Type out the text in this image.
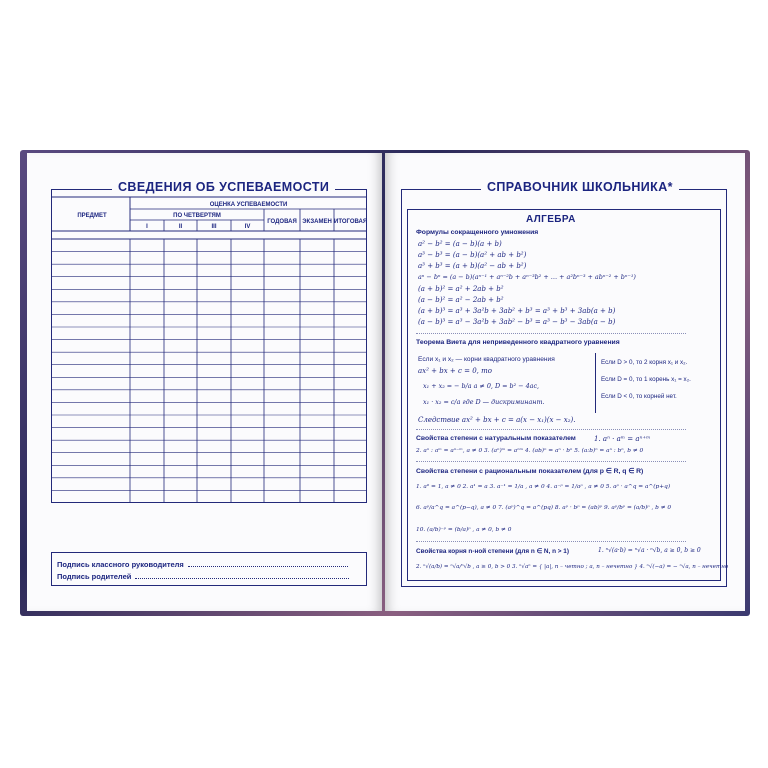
СВЕДЕНИЯ ОБ УСПЕВАЕМОСТИ
ПРЕДМЕТ
ОЦЕНКА УСПЕВАЕМОСТИ
ПО ЧЕТВЕРТЯМ
I	II	III	IV
ГОДОВАЯ ЭКЗАМЕН ИТОГОВАЯ
Подпись классного руководителя
Подпись родителей
СПРАВОЧНИК ШКОЛЬНИКА*
АЛГЕБРА
Формулы сокращенного умножения
a² − b² = (a − b)(a + b)
a³ − b³ = (a − b)(a² + ab + b²)
a³ + b³ = (a + b)(a² − ab + b²)
aⁿ − bⁿ = (a − b)(aⁿ⁻¹ + aⁿ⁻²b + aⁿ⁻³b² + … + a²bⁿ⁻³ + abⁿ⁻² + bⁿ⁻¹)
(a + b)² = a² + 2ab + b²
(a − b)² = a² − 2ab + b²
(a + b)³ = a³ + 3a²b + 3ab² + b³ = a³ + b³ + 3ab(a + b)
(a − b)³ = a³ − 3a²b + 3ab² − b³ = a³ − b³ − 3ab(a − b)
Теорема Виета для неприведенного квадратного уравнения
Если x₁ и x₂ — корни квадратного уравнения
ax² + bx + c = 0, то
x₁ + x₂ = − b/a a ≠ 0, D = b² − 4ac,
x₁ · x₂ = c/a где D — дискриминант.
Следствие ax² + bx + c = a(x − x₁)(x − x₂).
Если D > 0, то 2 корня x₁ и x₂.
Если D = 0, то 1 корень x₁ = x₂.
Если D < 0, то корней нет.
Свойства степени с натуральным показателем	1. aⁿ · aᵐ = aⁿ⁺ᵐ
2. aⁿ : aᵐ = aⁿ⁻ᵐ, a ≠ 0 3. (aⁿ)ᵐ = aⁿᵐ 4. (ab)ⁿ = aⁿ · bⁿ 5. (a:b)ⁿ = aⁿ : bⁿ, b ≠ 0
Свойства степени с рациональным показателем (для p ∈ R, q ∈ R)
1. a⁰ = 1, a ≠ 0 2. a¹ = a 3. a⁻¹ = 1/a , a ≠ 0 4. a⁻ᵖ = 1/aᵖ , a ≠ 0 5. aᵖ · a^q = a^(p+q)
6. aᵖ/a^q = a^(p−q), a ≠ 0 7. (aᵖ)^q = a^(pq) 8. aᵖ · bᵖ = (ab)ᵖ 9. aᵖ/bᵖ = (a/b)ᵖ , b ≠ 0
10. (a/b)⁻ᵖ = (b/a)ᵖ , a ≠ 0, b ≠ 0
Свойства корня n-ной степени (для n ∈ N, n > 1)	1. ⁿ√(a·b) = ⁿ√a · ⁿ√b, a ≥ 0, b ≥ 0
2. ⁿ√(a/b) = ⁿ√a/ⁿ√b , a ≥ 0, b > 0 3. ⁿ√aⁿ = { |a|, n – четно ; a, n – нечетно } 4. ⁿ√(−a) = − ⁿ√a, n – нечетно
